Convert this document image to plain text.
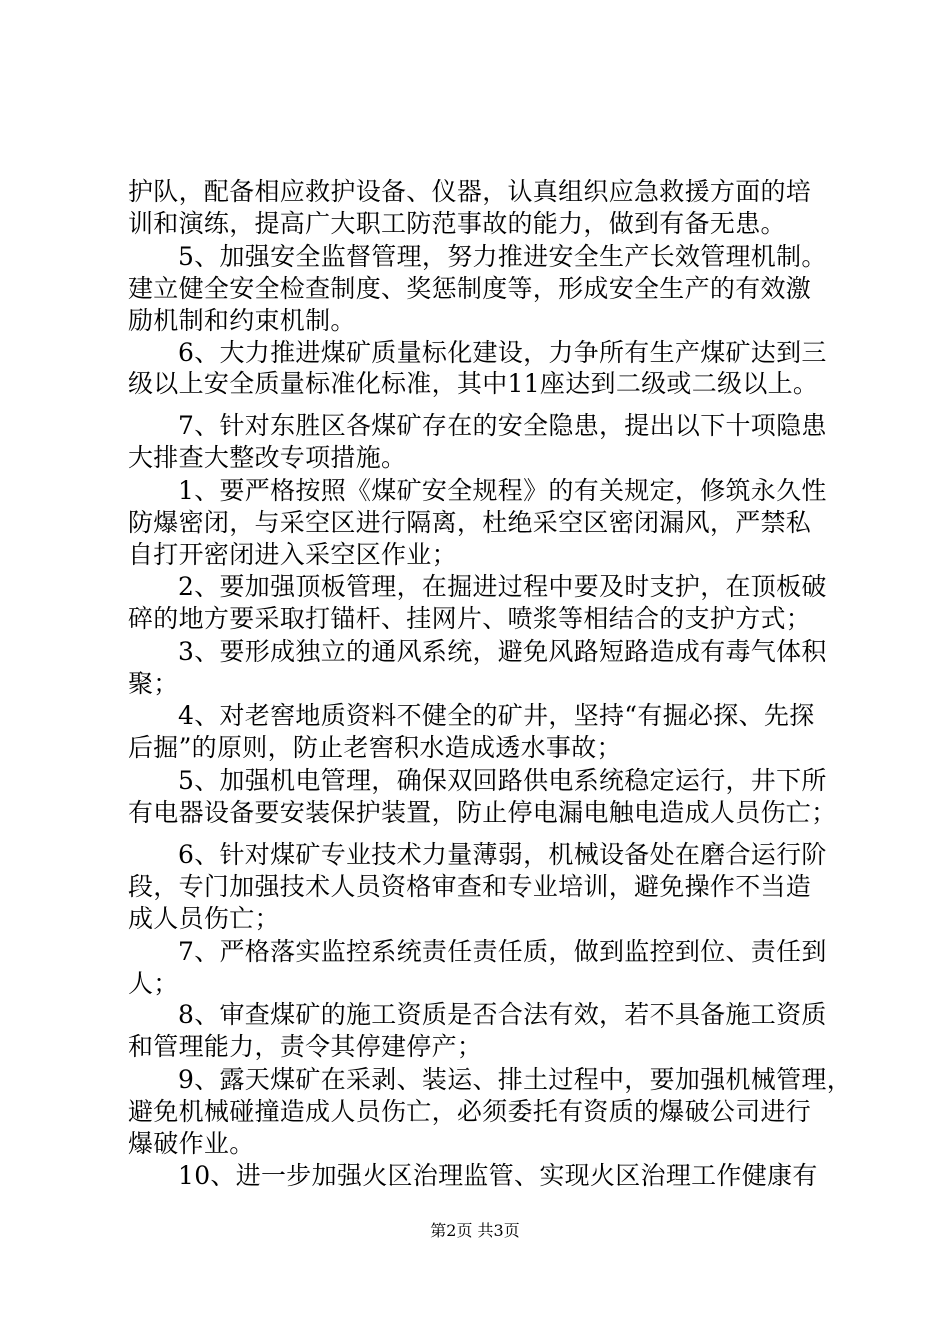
护队，配备相应救护设备、仪器，认真组织应急救援方面的培
训和演练，提高广大职工防范事故的能力，做到有备无患。
5、加强安全监督管理，努力推进安全生产长效管理机制。
建立健全安全检查制度、奖惩制度等，形成安全生产的有效激
励机制和约束机制。
6、大力推进煤矿质量标化建设，力争所有生产煤矿达到三
级以上安全质量标准化标准，其中11座达到二级或二级以上。
7、针对东胜区各煤矿存在的安全隐患，提出以下十项隐患
大排查大整改专项措施。
1、要严格按照《煤矿安全规程》的有关规定，修筑永久性
防爆密闭，与采空区进行隔离，杜绝采空区密闭漏风，严禁私
自打开密闭进入采空区作业；
2、要加强顶板管理，在掘进过程中要及时支护，在顶板破
碎的地方要采取打锚杆、挂网片、喷浆等相结合的支护方式；
3、要形成独立的通风系统，避免风路短路造成有毒气体积
聚；
4、对老窖地质资料不健全的矿井，坚持“有掘必探、先探
后掘”的原则，防止老窖积水造成透水事故；
5、加强机电管理，确保双回路供电系统稳定运行，井下所
有电器设备要安装保护装置，防止停电漏电触电造成人员伤亡；
6、针对煤矿专业技术力量薄弱，机械设备处在磨合运行阶
段，专门加强技术人员资格审查和专业培训，避免操作不当造
成人员伤亡；
7、严格落实监控系统责任责任质，做到监控到位、责任到
人；
8、审查煤矿的施工资质是否合法有效，若不具备施工资质
和管理能力，责令其停建停产；
9、露天煤矿在采剥、装运、排土过程中，要加强机械管理，
避免机械碰撞造成人员伤亡，必须委托有资质的爆破公司进行
爆破作业。
10、进一步加强火区治理监管、实现火区治理工作健康有
第2页 共3页
